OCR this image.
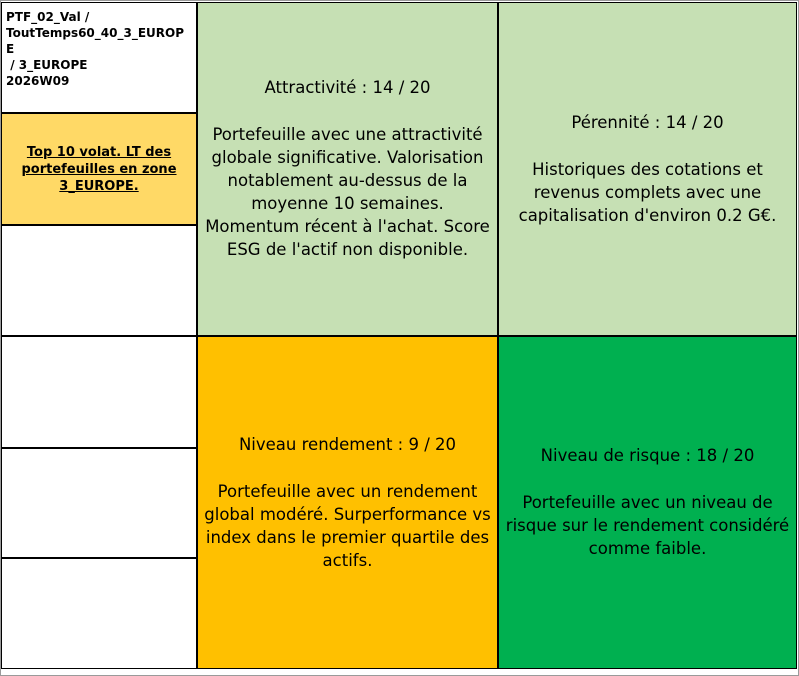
PTF_02_Val /
ToutTemps60_40_3_EUROPE
/ 3_EUROPE
2026W09
Top 10 volat. LT des portefeuilles en zone 3_EUROPE.
Attractivité : 14 / 20
Portefeuille avec une attractivité globale significative. Valorisation notablement au-dessus de la moyenne 10 semaines. Momentum récent à l'achat. Score ESG de l'actif non disponible.
Pérennité : 14 / 20
Historiques des cotations et revenus complets avec une capitalisation d'environ 0.2 G€.
Niveau rendement : 9 / 20
Portefeuille avec un rendement global modéré. Surperformance vs index dans le premier quartile des actifs.
Niveau de risque : 18 / 20
Portefeuille avec un niveau de risque sur le rendement considéré comme faible.
